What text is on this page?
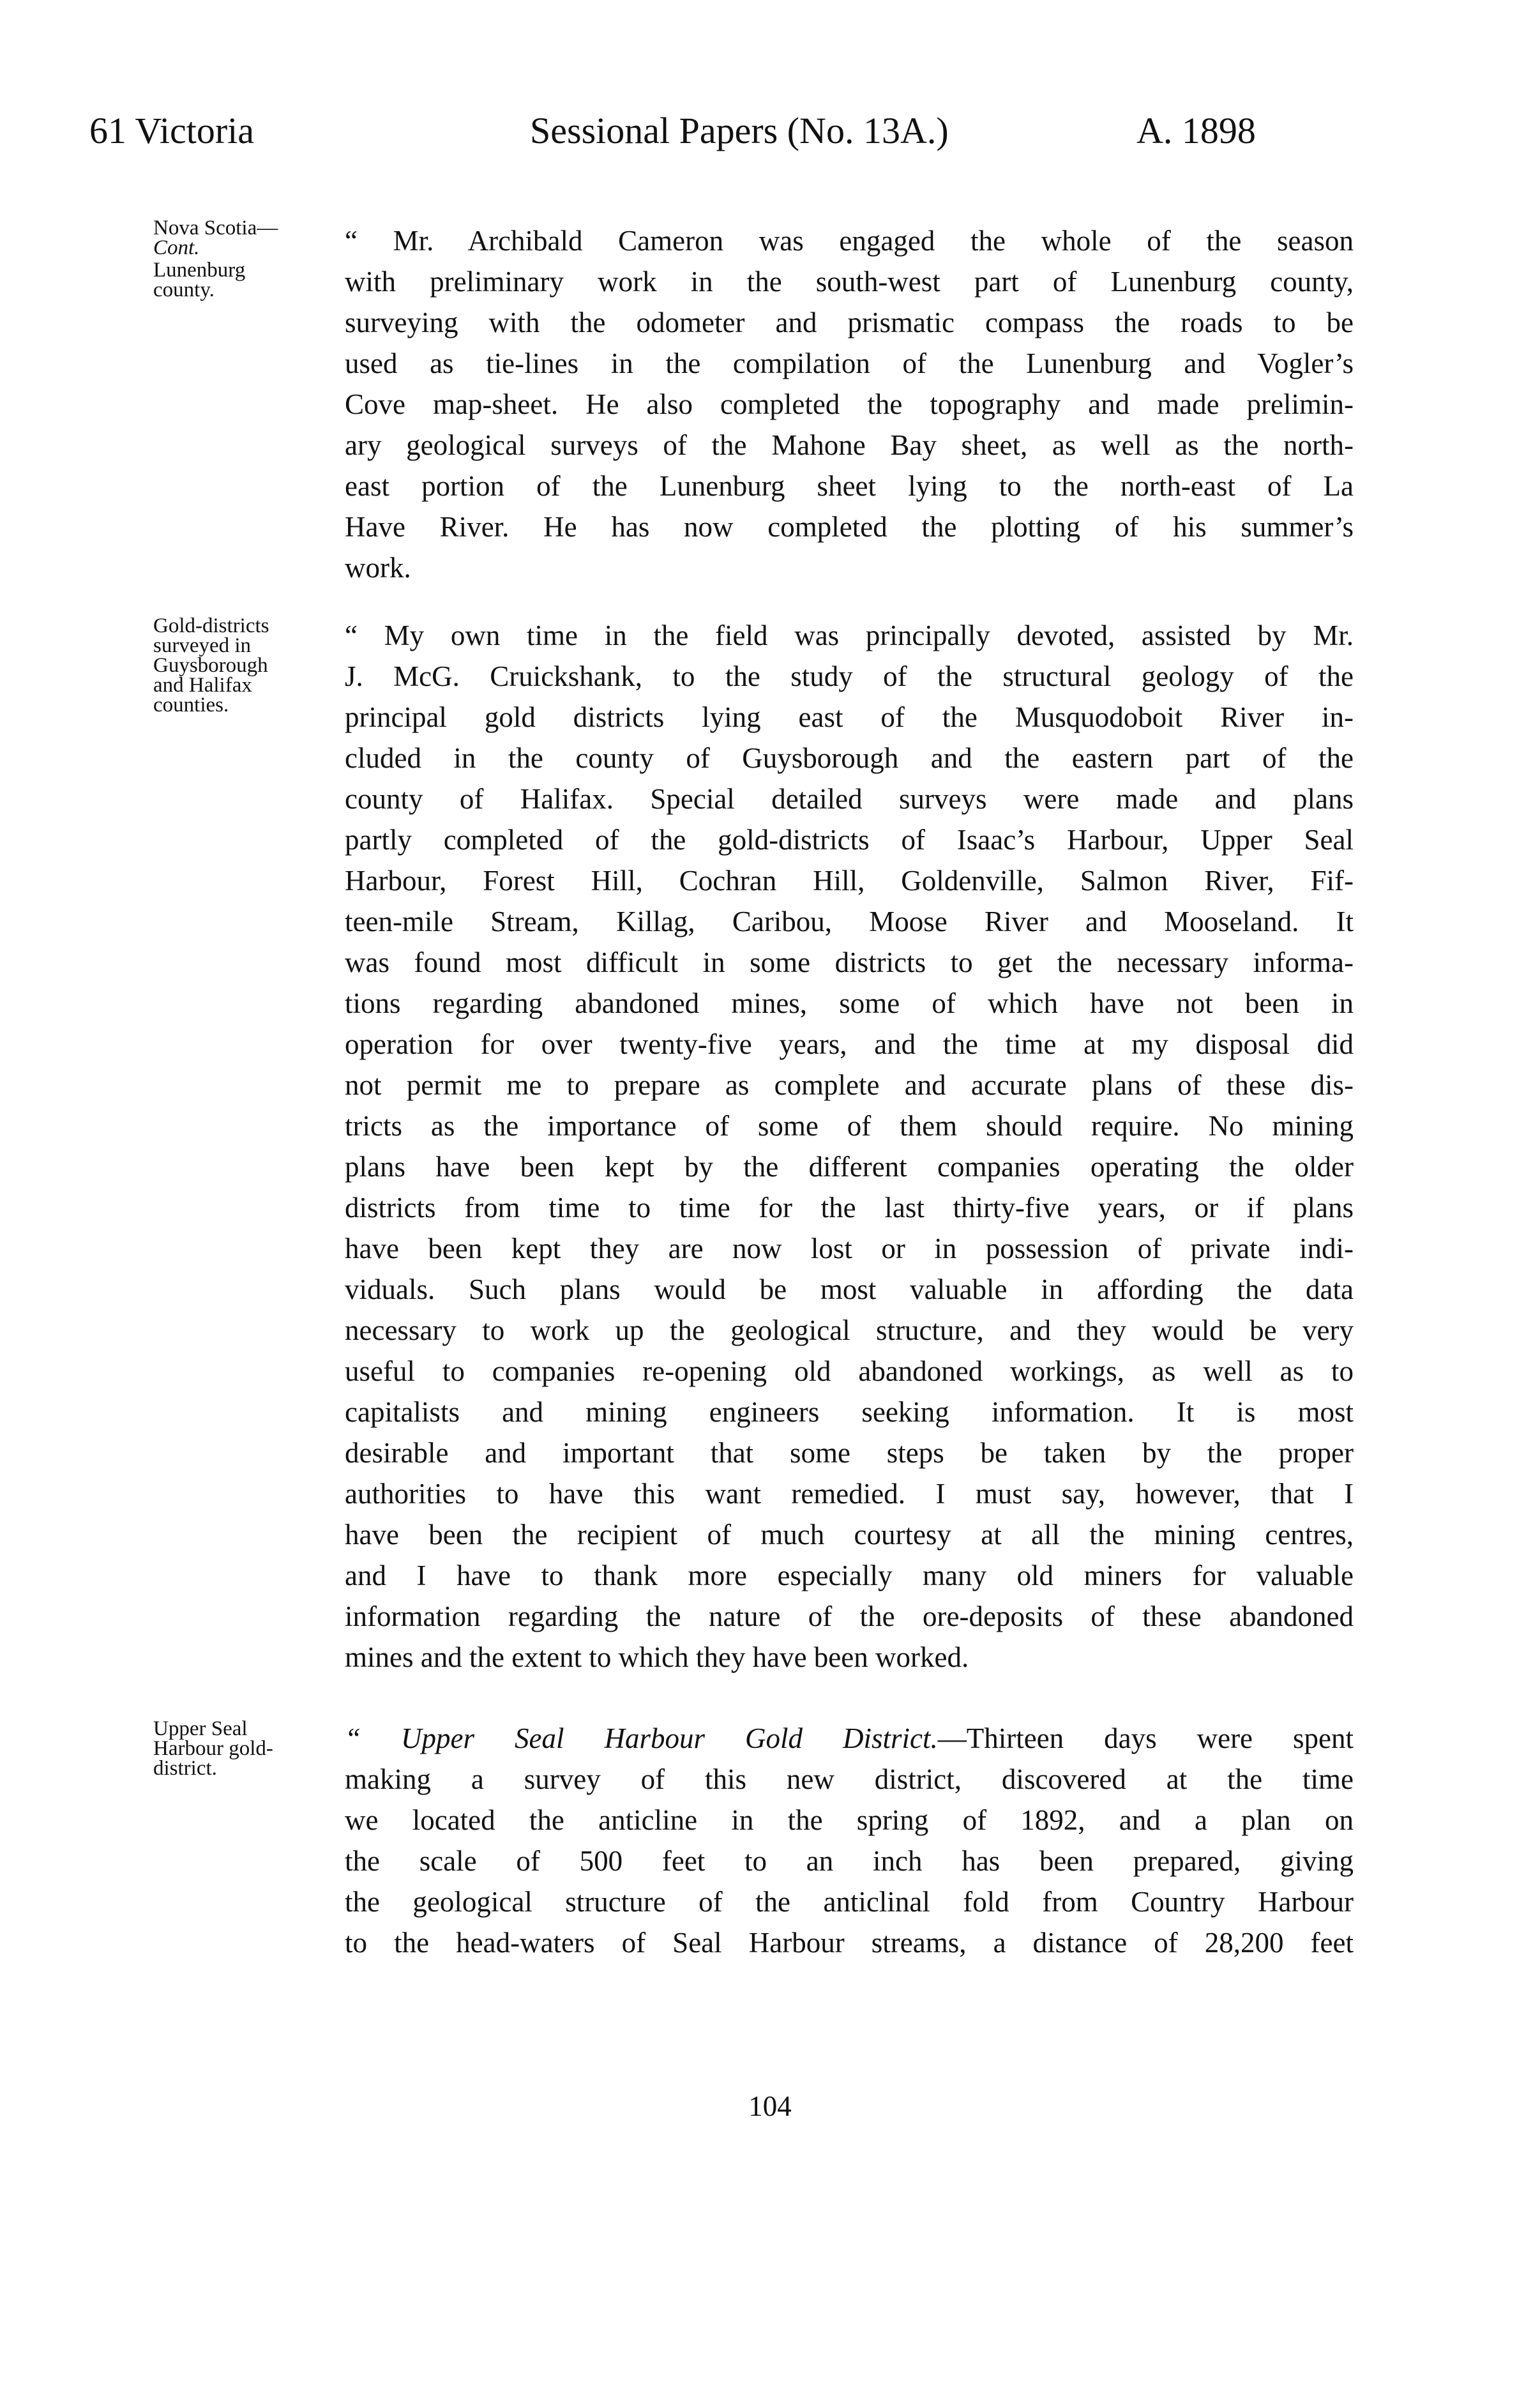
61 Victoria	Sessional Papers (No. 13A.)	A. 1898
Nova Scotia—
Cont.
Lunenburg
county.
“ Mr. Archibald Cameron was engaged the whole of the season
with preliminary work in the south-west part of Lunenburg county,
surveying with the odometer and prismatic compass the roads to be
used as tie-lines in the compilation of the Lunenburg and Vogler’s
Cove map-sheet. He also completed the topography and made prelimin-
ary geological surveys of the Mahone Bay sheet, as well as the north-
east portion of the Lunenburg sheet lying to the north-east of La
Have River. He has now completed the plotting of his summer’s
work.
Gold-districts
surveyed in
Guysborough
and Halifax
counties.
“ My own time in the field was principally devoted, assisted by Mr.
J. McG. Cruickshank, to the study of the structural geology of the
principal gold districts lying east of the Musquodoboit River in-
cluded in the county of Guysborough and the eastern part of the
county of Halifax. Special detailed surveys were made and plans
partly completed of the gold-districts of Isaac’s Harbour, Upper Seal
Harbour, Forest Hill, Cochran Hill, Goldenville, Salmon River, Fif-
teen-mile Stream, Killag, Caribou, Moose River and Mooseland. It
was found most difficult in some districts to get the necessary informa-
tions regarding abandoned mines, some of which have not been in
operation for over twenty-five years, and the time at my disposal did
not permit me to prepare as complete and accurate plans of these dis-
tricts as the importance of some of them should require. No mining
plans have been kept by the different companies operating the older
districts from time to time for the last thirty-five years, or if plans
have been kept they are now lost or in possession of private indi-
viduals. Such plans would be most valuable in affording the data
necessary to work up the geological structure, and they would be very
useful to companies re-opening old abandoned workings, as well as to
capitalists and mining engineers seeking information. It is most
desirable and important that some steps be taken by the proper
authorities to have this want remedied. I must say, however, that I
have been the recipient of much courtesy at all the mining centres,
and I have to thank more especially many old miners for valuable
information regarding the nature of the ore-deposits of these abandoned
mines and the extent to which they have been worked.
Upper Seal
Harbour gold-
district.
“ Upper Seal Harbour Gold District.—Thirteen days were spent
making a survey of this new district, discovered at the time
we located the anticline in the spring of 1892, and a plan on
the scale of 500 feet to an inch has been prepared, giving
the geological structure of the anticlinal fold from Country Harbour
to the head-waters of Seal Harbour streams, a distance of 28,200 feet
104
